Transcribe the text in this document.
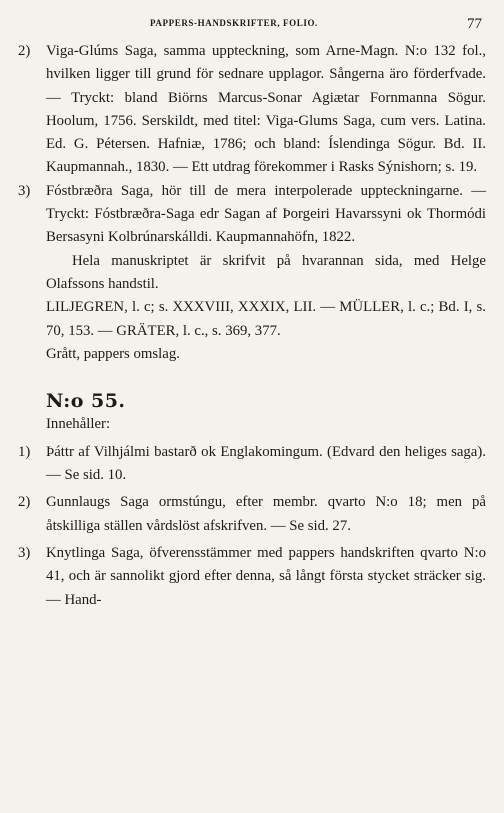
PAPPERS-HANDSKRIFTER, FOLIO.	77
2) Viga-Glúms Saga, samma uppteckning, som Arne-Magn. N:o 132 fol., hvilken ligger till grund för sednare upplagor. Sångerna äro förderfvade. — Tryckt: bland Biörns Marcus-Sonar Agiætar Fornmanna Sögur. Hoolum, 1756. Serskildt, med titel: Viga-Glums Saga, cum vers. Latina. Ed. G. Pétersen. Hafniæ, 1786; och bland: Íslendinga Sögur. Bd. II. Kaupmannah., 1830. — Ett utdrag förekommer i Rasks Sýnishorn; s. 19.
3) Fóstbræðra Saga, hör till de mera interpolerade uppteckningarne. — Tryckt: Fóstbræðra-Saga edr Sagan af Þorgeiri Havarssyni ok Thormódi Bersasyni Kolbrúnarskálldi. Kaupmannahöfn, 1822.

Hela manuskriptet är skrifvit på hvarannan sida, med Helge Olafssons handstil.

LILJEGREN, l. c; s. XXXVIII, XXXIX, LII. — MÜLLER, l. c.; Bd. I, s. 70, 153. — GRÄTER, l. c., s. 369, 377.

Grått, pappers omslag.

N:o 55.

Innehåller:

1) Þáttr af Vilhjálmi bastarð ok Englakomingum. (Edvard den heliges saga). — Se sid. 10.
2) Gunnlaugs Saga ormstúngu, efter membr. qvarto N:o 18; men på åtskilliga ställen vårdslöst afskrifven. — Se sid. 27.
3) Knytlinga Saga, öfverensstämmer med pappers handskriften qvarto N:o 41, och är sannolikt gjord efter denna, så långt första stycket sträcker sig. — Hand-
